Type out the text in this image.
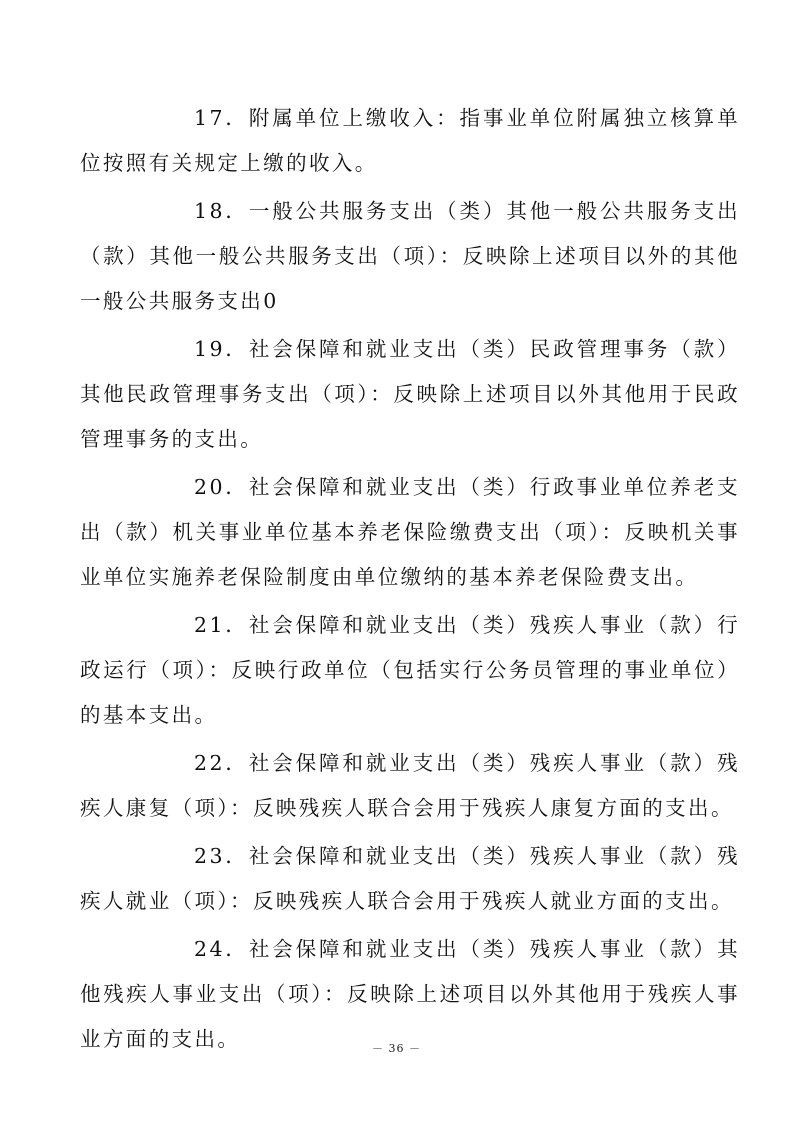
17．附属单位上缴收入：指事业单位附属独立核算单位按照有关规定上缴的收入。

18．一般公共服务支出（类）其他一般公共服务支出（款）其他一般公共服务支出（项）：反映除上述项目以外的其他一般公共服务支出0

19．社会保障和就业支出（类）民政管理事务（款）其他民政管理事务支出（项）：反映除上述项目以外其他用于民政管理事务的支出。

20．社会保障和就业支出（类）行政事业单位养老支出（款）机关事业单位基本养老保险缴费支出（项）：反映机关事业单位实施养老保险制度由单位缴纳的基本养老保险费支出。

21．社会保障和就业支出（类）残疾人事业（款）行政运行（项）：反映行政单位（包括实行公务员管理的事业单位）的基本支出。

22．社会保障和就业支出（类）残疾人事业（款）残疾人康复（项）：反映残疾人联合会用于残疾人康复方面的支出。

23．社会保障和就业支出（类）残疾人事业（款）残疾人就业（项）：反映残疾人联合会用于残疾人就业方面的支出。

24．社会保障和就业支出（类）残疾人事业（款）其他残疾人事业支出（项）：反映除上述项目以外其他用于残疾人事业方面的支出。	－ 36 －
